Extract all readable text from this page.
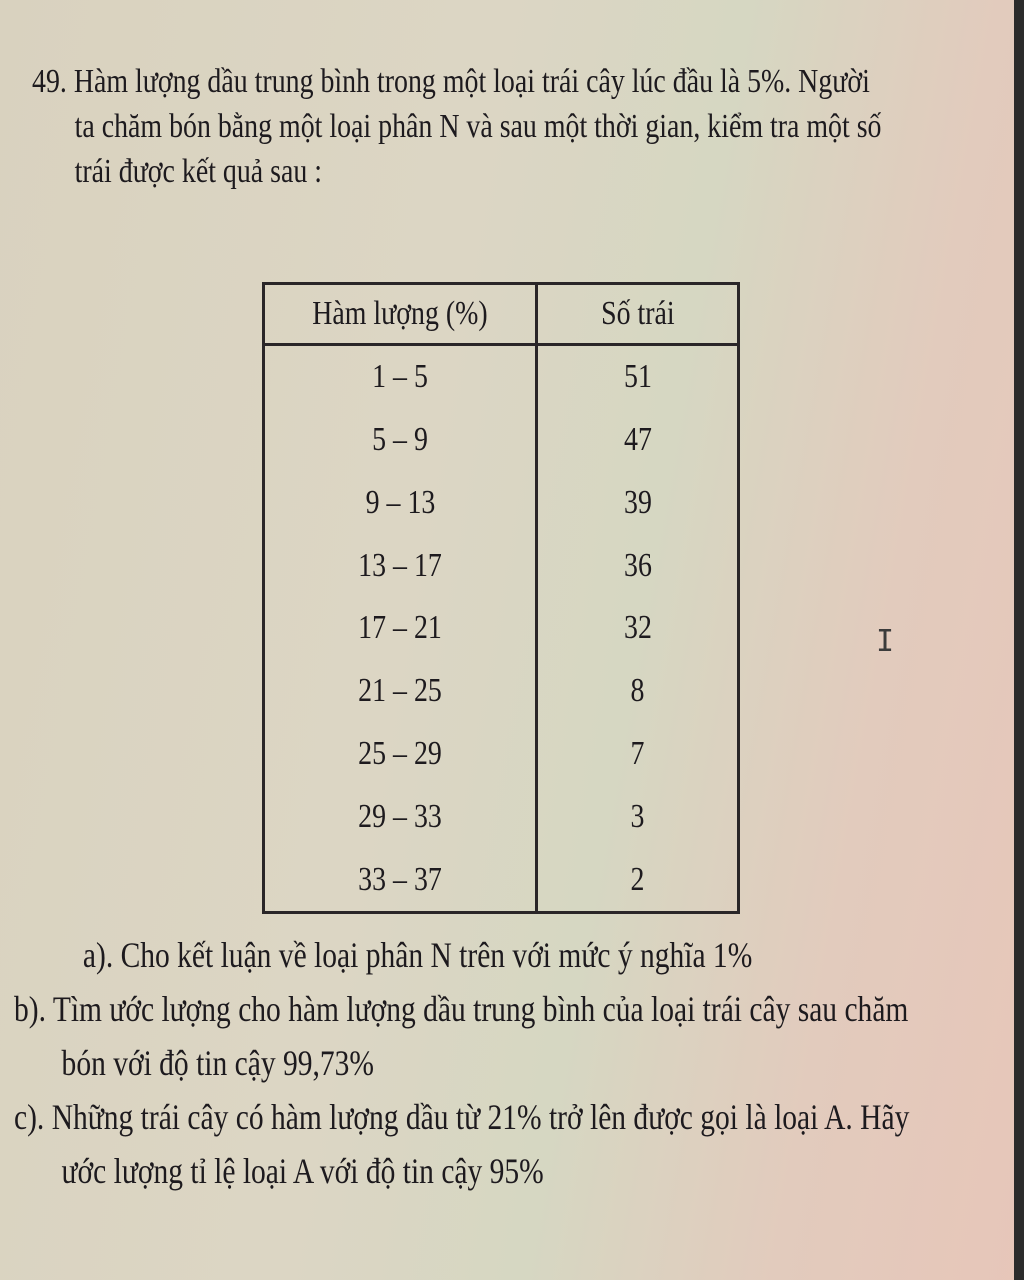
49. Hàm lượng dầu trung bình trong một loại trái cây lúc đầu là 5%. Người
ta chăm bón bằng một loại phân N và sau một thời gian, kiểm tra một số
trái được kết quả sau :
Hàm lượng (%)	Số trái
1 – 5	51
5 – 9	47
9 – 13	39
13 – 17	36
17 – 21	32
21 – 25	8
25 – 29	7
29 – 33	3
33 – 37	2
I
a). Cho kết luận về loại phân N trên với mức ý nghĩa 1%
b). Tìm ước lượng cho hàm lượng dầu trung bình của loại trái cây sau chăm
bón với độ tin cậy 99,73%
c). Những trái cây có hàm lượng dầu từ 21% trở lên được gọi là loại A. Hãy
ước lượng tỉ lệ loại A với độ tin cậy 95%
